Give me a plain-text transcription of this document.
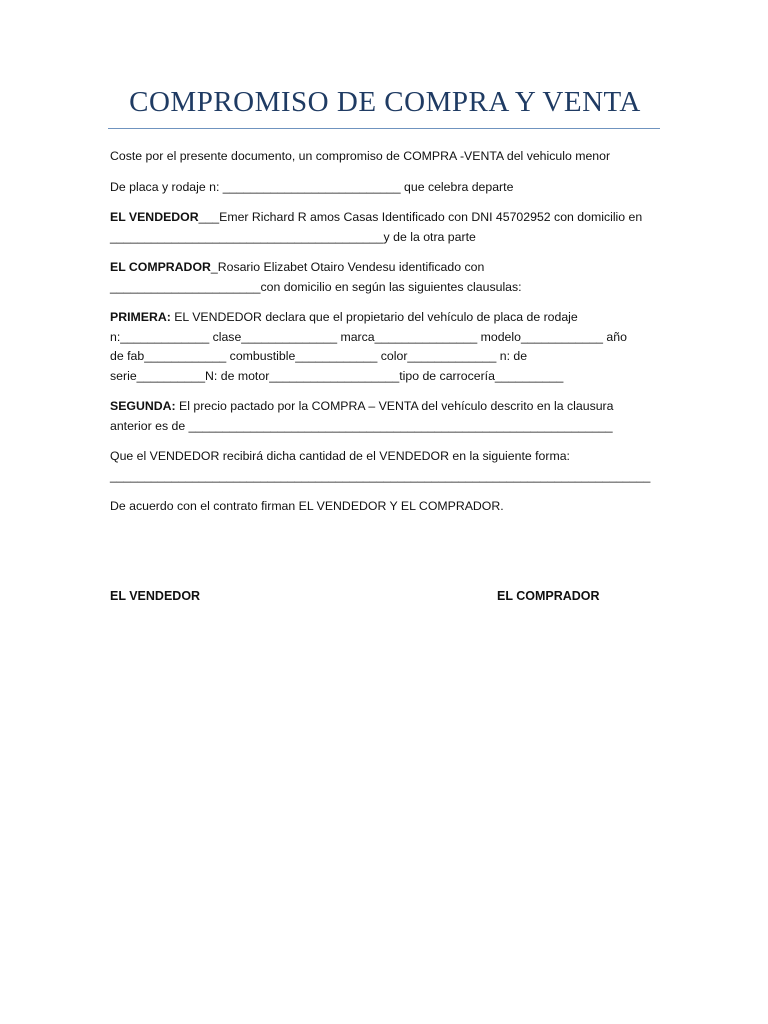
COMPROMISO DE COMPRA Y VENTA

Coste por el presente documento, un compromiso de COMPRA -VENTA del vehiculo menor

De placa y rodaje n: __________________________ que celebra departe

EL VENDEDOR___Emer Richard R amos Casas Identificado con DNI 45702952 con domicilio en
________________________________________y de la otra parte

EL COMPRADOR_Rosario Elizabet Otairo Vendesu identificado con
______________________con domicilio en según las siguientes clausulas:

PRIMERA: EL VENDEDOR declara que el propietario del vehículo de placa de rodaje
n:_____________ clase______________ marca_______________ modelo____________ año
de fab____________ combustible____________ color_____________ n: de
serie__________N: de motor___________________tipo de carrocería__________

SEGUNDA: El precio pactado por la COMPRA – VENTA del vehículo descrito en la clausura
anterior es de ______________________________________________________________

Que el VENDEDOR recibirá dicha cantidad de el VENDEDOR en la siguiente forma:
_______________________________________________________________________________

De acuerdo con el contrato firman EL VENDEDOR Y EL COMPRADOR.

EL VENDEDOR	EL COMPRADOR
